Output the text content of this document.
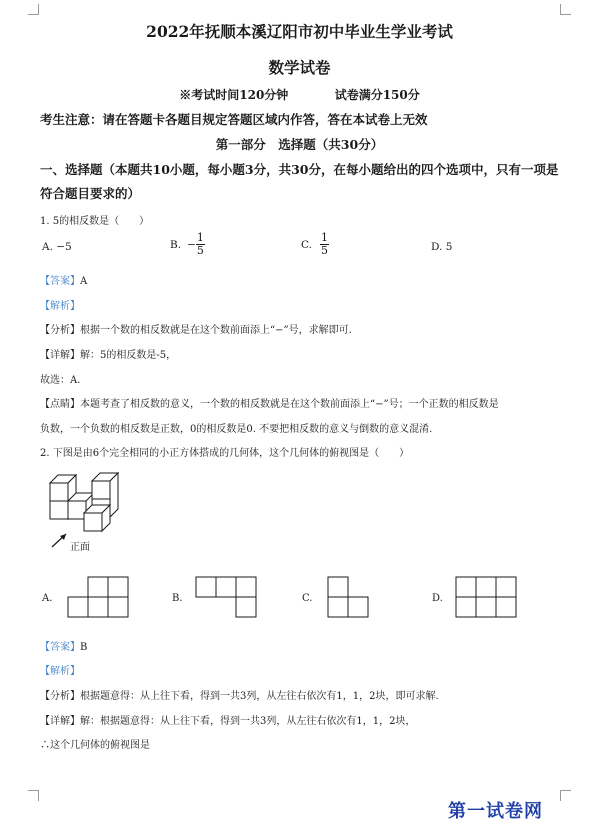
2022年抚顺本溪辽阳市初中毕业生学业考试
数学试卷
※考试时间120分钟	试卷满分150分
考生注意：请在答题卡各题目规定答题区域内作答，答在本试卷上无效
第一部分　选择题（共30分）
一、选择题（本题共10小题，每小题3分，共30分，在每小题给出的四个选项中，只有一项是符合题目要求的）
1. 5的相反数是（　　）
A. −5	B. − $\frac{1}{5}$	C. $\frac{1}{5}$	D. 5
【答案】A
【解析】
【分析】根据一个数的相反数就是在这个数前面添上“−”号，求解即可.
【详解】解：5的相反数是-5，
故选：A.
【点睛】本题考查了相反数的意义，一个数的相反数就是在这个数前面添上“−”号；一个正数的相反数是
负数，一个负数的相反数是正数，0的相反数是0. 不要把相反数的意义与倒数的意义混淆.
2. 下图是由6个完全相同的小正方体搭成的几何体，这个几何体的俯视图是（　　）
正面
A.	B.	C.	D.
【答案】B
【解析】
【分析】根据题意得：从上往下看，得到一共3列，从左往右依次有1，1，2块，即可求解.
【详解】解：根据题意得：从上往下看，得到一共3列，从左往右依次有1，1，2块，
∴这个几何体的俯视图是
第一试卷网
